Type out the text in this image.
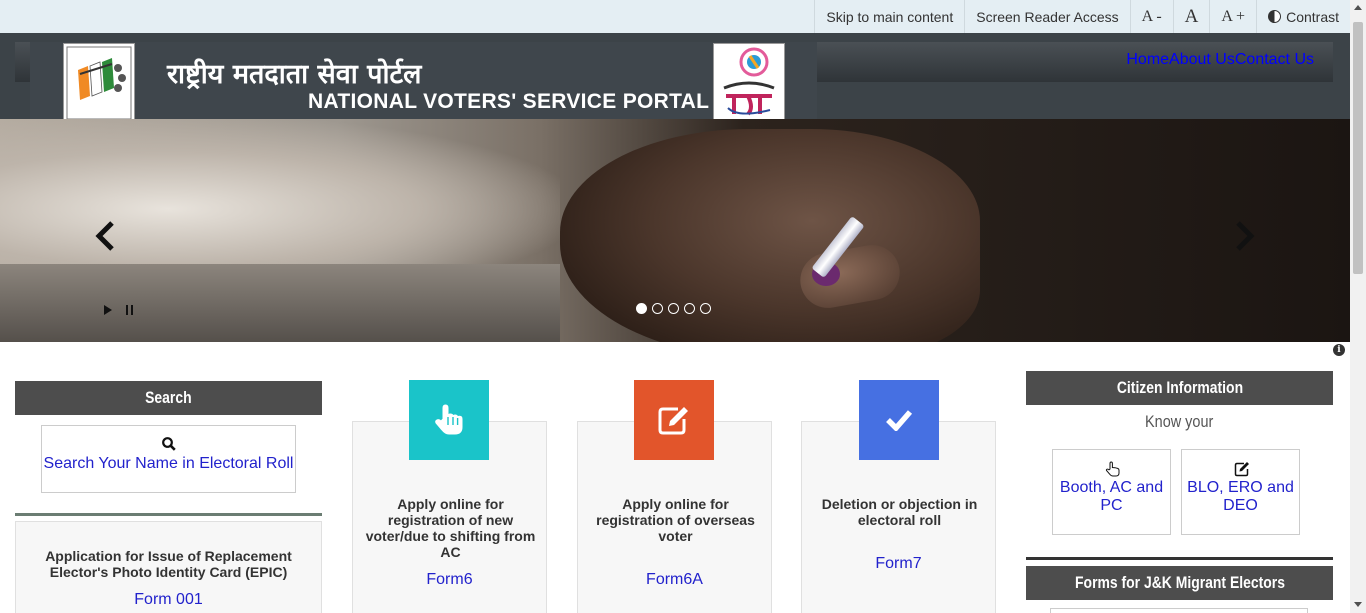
Skip to main content	Screen Reader Access	A -	A	A +	Contrast
राष्ट्रीय मतदाता सेवा पोर्टल
NATIONAL VOTERS' SERVICE PORTAL
Home About Us Contact Us
i
Search
Search Your Name in Electoral Roll
Application for Issue of Replacement Elector's Photo Identity Card (EPIC)
Form 001
Apply online for registration of new voter/due to shifting from AC
Form6
Apply online for registration of overseas voter
Form6A
Deletion or objection in electoral roll
Form7
Citizen Information
Know your
Booth, AC and PC
BLO, ERO and DEO
Forms for J&K Migrant Electors
